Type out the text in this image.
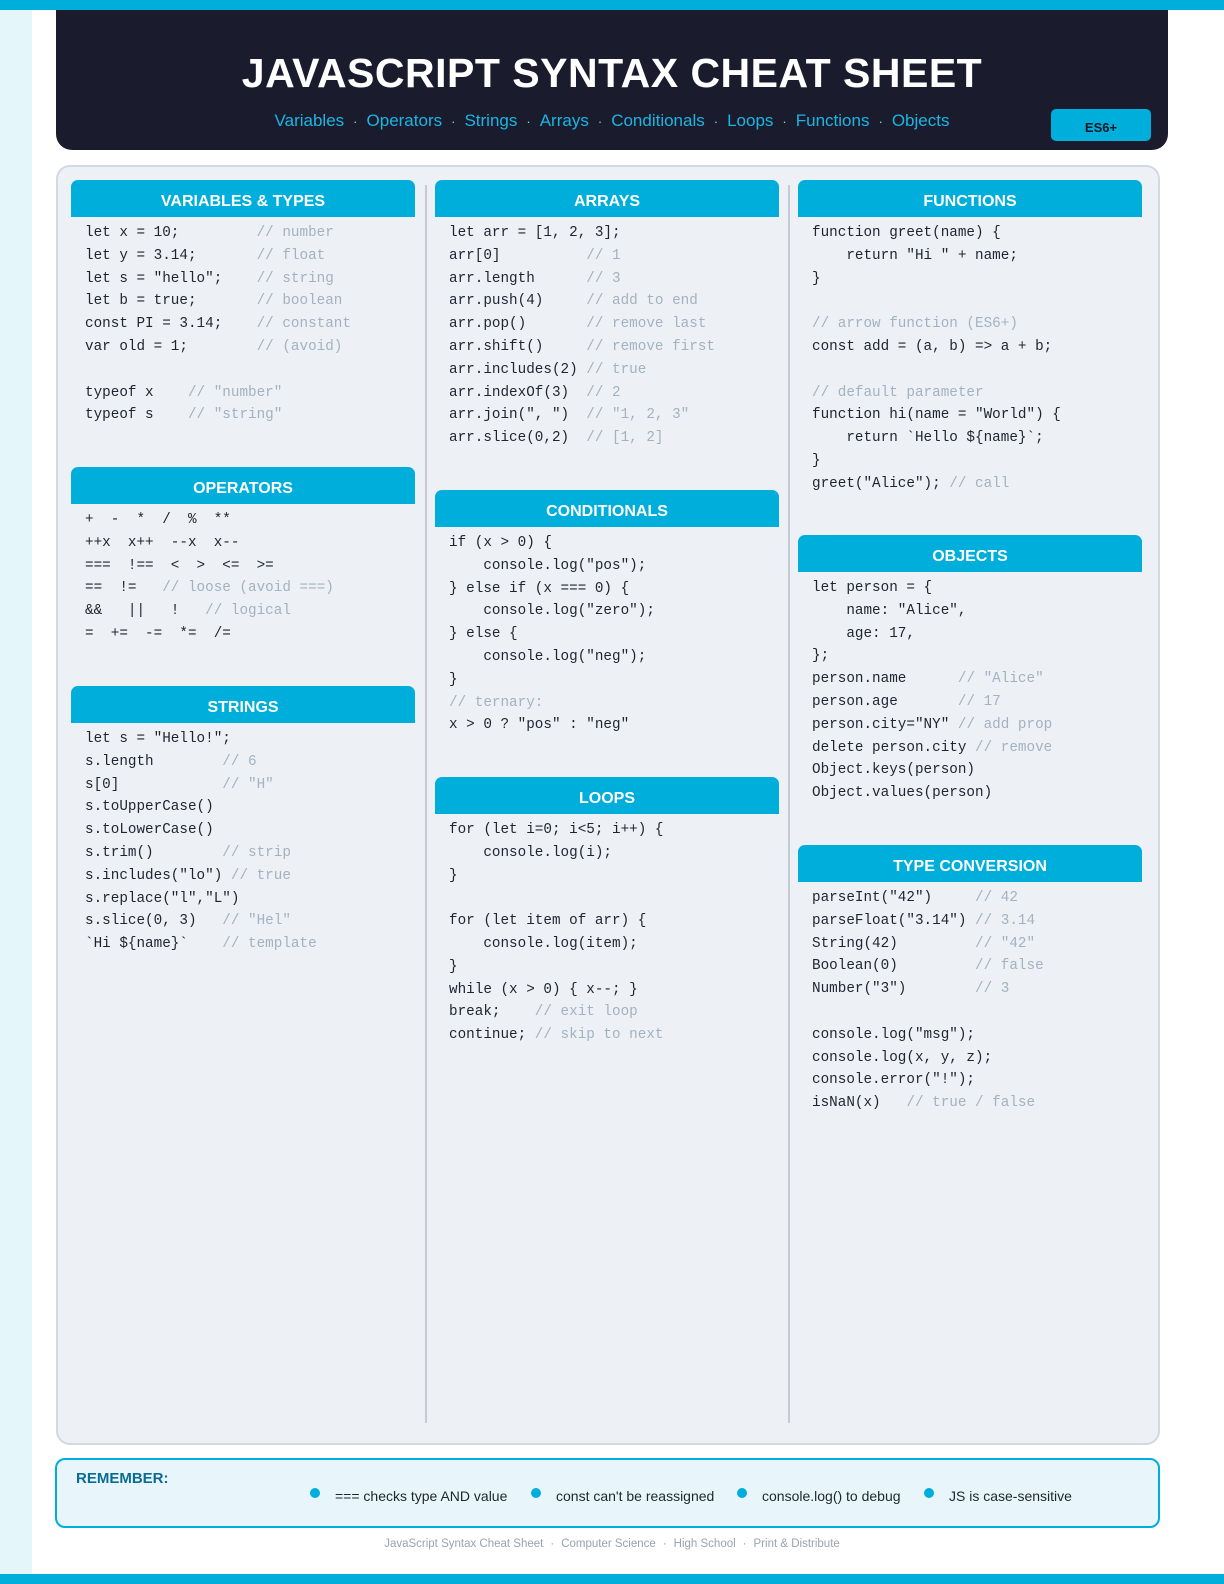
JAVASCRIPT SYNTAX CHEAT SHEET
Variables · Operators · Strings · Arrays · Conditionals · Loops · Functions · Objects	ES6+
VARIABLES & TYPES
let x = 10;         // number
let y = 3.14;       // float
let s = "hello";    // string
let b = true;       // boolean
const PI = 3.14;    // constant
var old = 1;        // (avoid)
typeof x    // "number"
typeof s    // "string"
OPERATORS
+  -  *  /  %  **
++x  x++  --x  x--
===  !==  <  >  <=  >=
==  !=   // loose (avoid ===)
&&   ||   !   // logical
=  +=  -=  *=  /=
STRINGS
let s = "Hello!";
s.length        // 6
s[0]            // "H"
s.toUpperCase()
s.toLowerCase()
s.trim()        // strip
s.includes("lo") // true
s.replace("l","L")
s.slice(0, 3)   // "Hel"
`Hi ${name}`    // template
ARRAYS
let arr = [1, 2, 3];
arr[0]          // 1
arr.length      // 3
arr.push(4)     // add to end
arr.pop()       // remove last
arr.shift()     // remove first
arr.includes(2) // true
arr.indexOf(3)  // 2
arr.join(", ")  // "1, 2, 3"
arr.slice(0,2)  // [1, 2]
CONDITIONALS
if (x > 0) {
console.log("pos");
} else if (x === 0) {
console.log("zero");
} else {
console.log("neg");
}
// ternary:
x > 0 ? "pos" : "neg"
LOOPS
for (let i=0; i<5; i++) {
console.log(i);
}
for (let item of arr) {
console.log(item);
}
while (x > 0) { x--; }
break;    // exit loop
continue; // skip to next
FUNCTIONS
function greet(name) {
return "Hi " + name;
}
// arrow function (ES6+)
const add = (a, b) => a + b;
// default parameter
function hi(name = "World") {
return `Hello ${name}`;
}
greet("Alice"); // call
OBJECTS
let person = {
name: "Alice",
age: 17,
};
person.name      // "Alice"
person.age       // 17
person.city="NY" // add prop
delete person.city // remove
Object.keys(person)
Object.values(person)
TYPE CONVERSION
parseInt("42")     // 42
parseFloat("3.14") // 3.14
String(42)         // "42"
Boolean(0)         // false
Number("3")        // 3
console.log("msg");
console.log(x, y, z);
console.error("!");
isNaN(x)   // true / false
REMEMBER:
=== checks type AND value	const can't be reassigned	console.log() to debug	JS is case-sensitive
JavaScript Syntax Cheat Sheet · Computer Science · High School · Print & Distribute
